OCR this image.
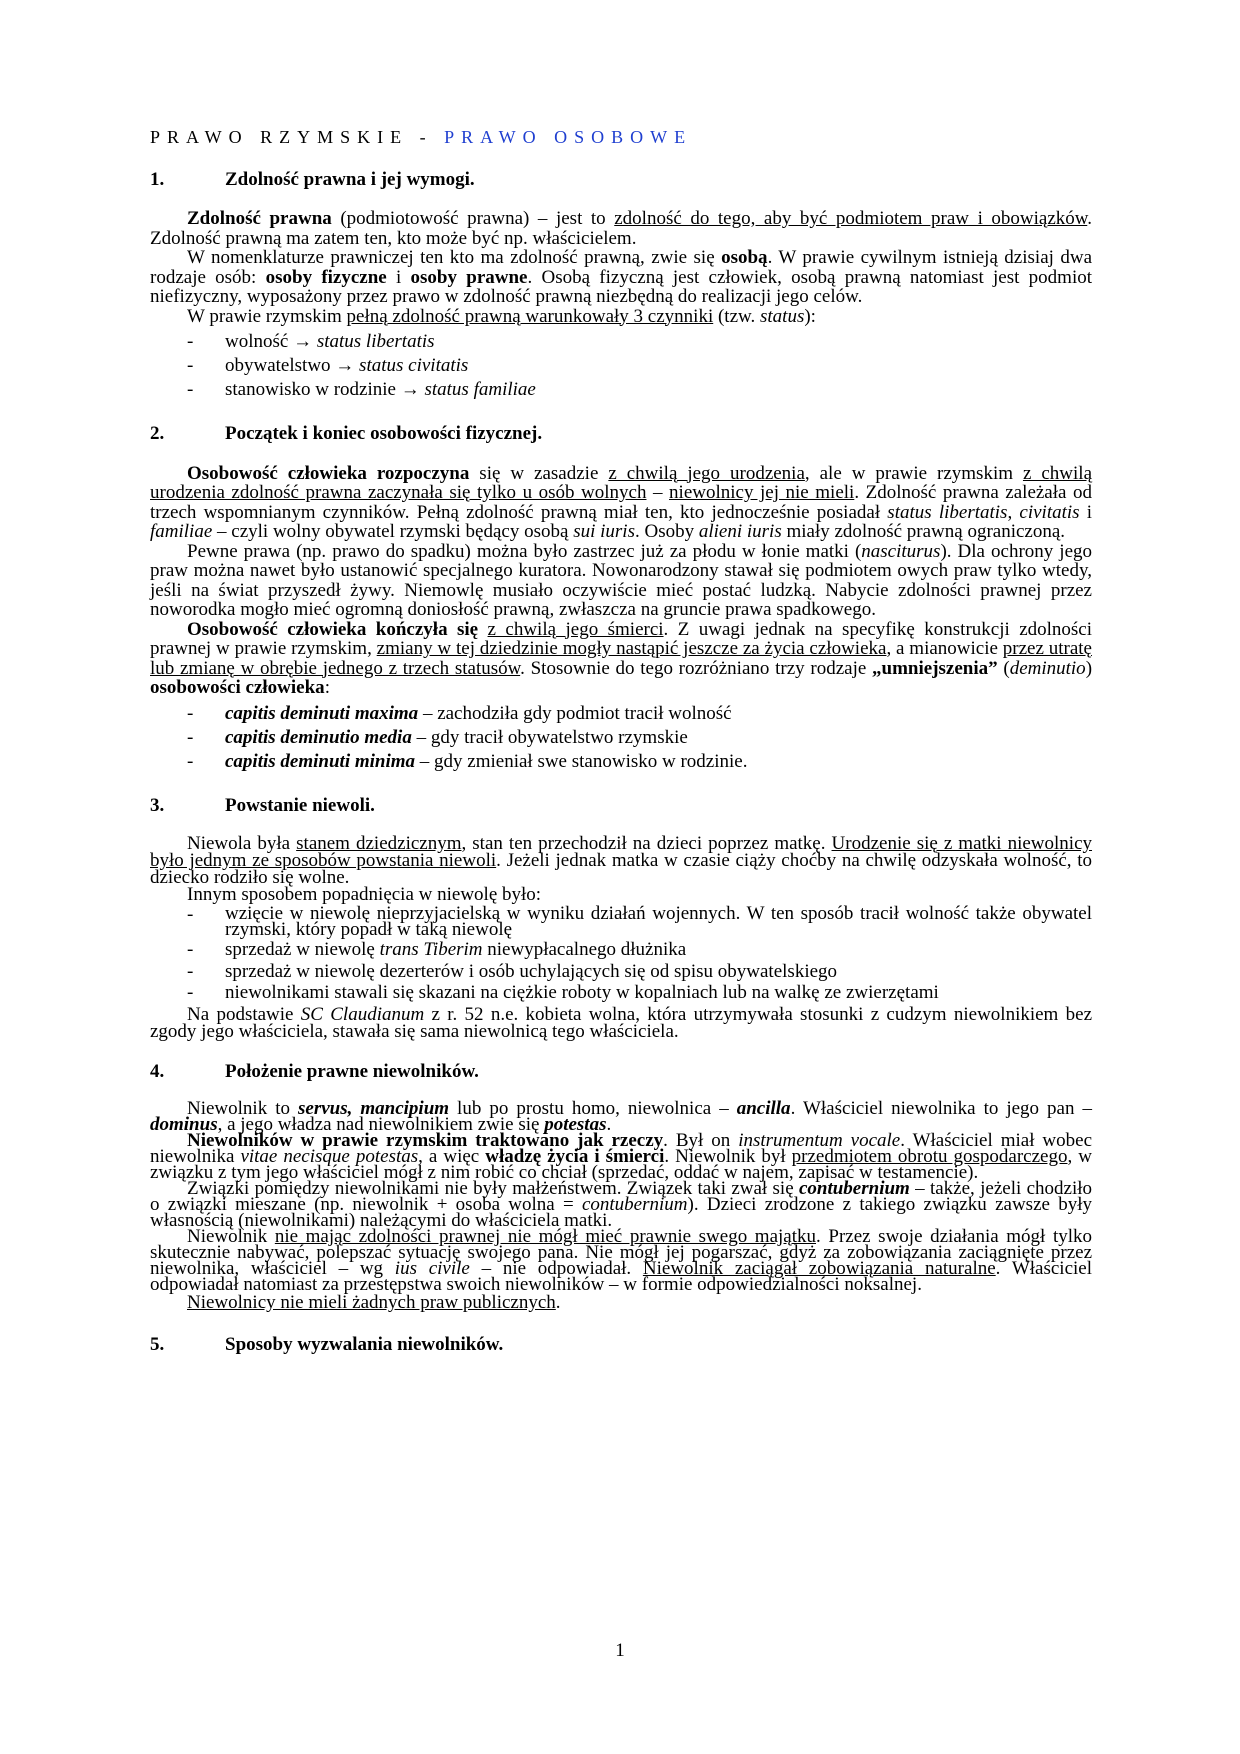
PRAWO RZYMSKIE - PRAWO OSOBOWE
1.	Zdolność prawna i jej wymogi.

Zdolność prawna (podmiotowość prawna) – jest to zdolność do tego, aby być podmiotem praw i obowiązków. Zdolność prawną ma zatem ten, kto może być np. właścicielem.

W nomenklaturze prawniczej ten kto ma zdolność prawną, zwie się osobą. W prawie cywilnym istnieją dzisiaj dwa rodzaje osób: osoby fizyczne i osoby prawne. Osobą fizyczną jest człowiek, osobą prawną natomiast jest podmiot niefizyczny, wyposażony przez prawo w zdolność prawną niezbędną do realizacji jego celów.

W prawie rzymskim pełną zdolność prawną warunkowały 3 czynniki (tzw. status):

-	wolność → status libertatis
-	obywatelstwo → status civitatis
-	stanowisko w rodzinie → status familiae
2.	Początek i koniec osobowości fizycznej.

Osobowość człowieka rozpoczyna się w zasadzie z chwilą jego urodzenia, ale w prawie rzymskim z chwilą urodzenia zdolność prawna zaczynała się tylko u osób wolnych – niewolnicy jej nie mieli. Zdolność prawna zależała od trzech wspomnianym czynników. Pełną zdolność prawną miał ten, kto jednocześnie posiadał status libertatis, civitatis i familiae – czyli wolny obywatel rzymski będący osobą sui iuris. Osoby alieni iuris miały zdolność prawną ograniczoną.

Pewne prawa (np. prawo do spadku) można było zastrzec już za płodu w łonie matki (nasciturus). Dla ochrony jego praw można nawet było ustanowić specjalnego kuratora. Nowonarodzony stawał się podmiotem owych praw tylko wtedy, jeśli na świat przyszedł żywy. Niemowlę musiało oczywiście mieć postać ludzką. Nabycie zdolności prawnej przez noworodka mogło mieć ogromną doniosłość prawną, zwłaszcza na gruncie prawa spadkowego.

Osobowość człowieka kończyła się z chwilą jego śmierci. Z uwagi jednak na specyfikę konstrukcji zdolności prawnej w prawie rzymskim, zmiany w tej dziedzinie mogły nastąpić jeszcze za życia człowieka, a mianowicie przez utratę lub zmianę w obrębie jednego z trzech statusów. Stosownie do tego rozróżniano trzy rodzaje „umniejszenia” (deminutio) osobowości człowieka:

-	capitis deminuti maxima – zachodziła gdy podmiot tracił wolność
-	capitis deminutio media – gdy tracił obywatelstwo rzymskie
-	capitis deminuti minima – gdy zmieniał swe stanowisko w rodzinie.
3.	Powstanie niewoli.

Niewola była stanem dziedzicznym, stan ten przechodził na dzieci poprzez matkę. Urodzenie się z matki niewolnicy było jednym ze sposobów powstania niewoli. Jeżeli jednak matka w czasie ciąży choćby na chwilę odzyskała wolność, to dziecko rodziło się wolne.

Innym sposobem popadnięcia w niewolę było:

-	wzięcie w niewolę nieprzyjacielską w wyniku działań wojennych. W ten sposób tracił wolność także obywatel rzymski, który popadł w taką niewolę
-	sprzedaż w niewolę trans Tiberim niewypłacalnego dłużnika
-	sprzedaż w niewolę dezerterów i osób uchylających się od spisu obywatelskiego
-	niewolnikami stawali się skazani na ciężkie roboty w kopalniach lub na walkę ze zwierzętami

Na podstawie SC Claudianum z r. 52 n.e. kobieta wolna, która utrzymywała stosunki z cudzym niewolnikiem bez zgody jego właściciela, stawała się sama niewolnicą tego właściciela.

4.	Położenie prawne niewolników.

Niewolnik to servus, mancipium lub po prostu homo, niewolnica – ancilla. Właściciel niewolnika to jego pan – dominus, a jego władza nad niewolnikiem zwie się potestas.

Niewolników w prawie rzymskim traktowano jak rzeczy. Był on instrumentum vocale. Właściciel miał wobec niewolnika vitae necisque potestas, a więc władzę życia i śmierci. Niewolnik był przedmiotem obrotu gospodarczego, w związku z tym jego właściciel mógł z nim robić co chciał (sprzedać, oddać w najem, zapisać w testamencie).

Związki pomiędzy niewolnikami nie były małżeństwem. Związek taki zwał się contubernium – także, jeżeli chodziło o związki mieszane (np. niewolnik + osoba wolna = contubernium). Dzieci zrodzone z takiego związku zawsze były własnością (niewolnikami) należącymi do właściciela matki.

Niewolnik nie mając zdolności prawnej nie mógł mieć prawnie swego majątku. Przez swoje działania mógł tylko skutecznie nabywać, polepszać sytuację swojego pana. Nie mógł jej pogarszać, gdyż za zobowiązania zaciągnięte przez niewolnika, właściciel – wg ius civile – nie odpowiadał. Niewolnik zaciągał zobowiązania naturalne. Właściciel odpowiadał natomiast za przestępstwa swoich niewolników – w formie odpowiedzialności noksalnej.

Niewolnicy nie mieli żadnych praw publicznych.

5.	Sposoby wyzwalania niewolników.
1
